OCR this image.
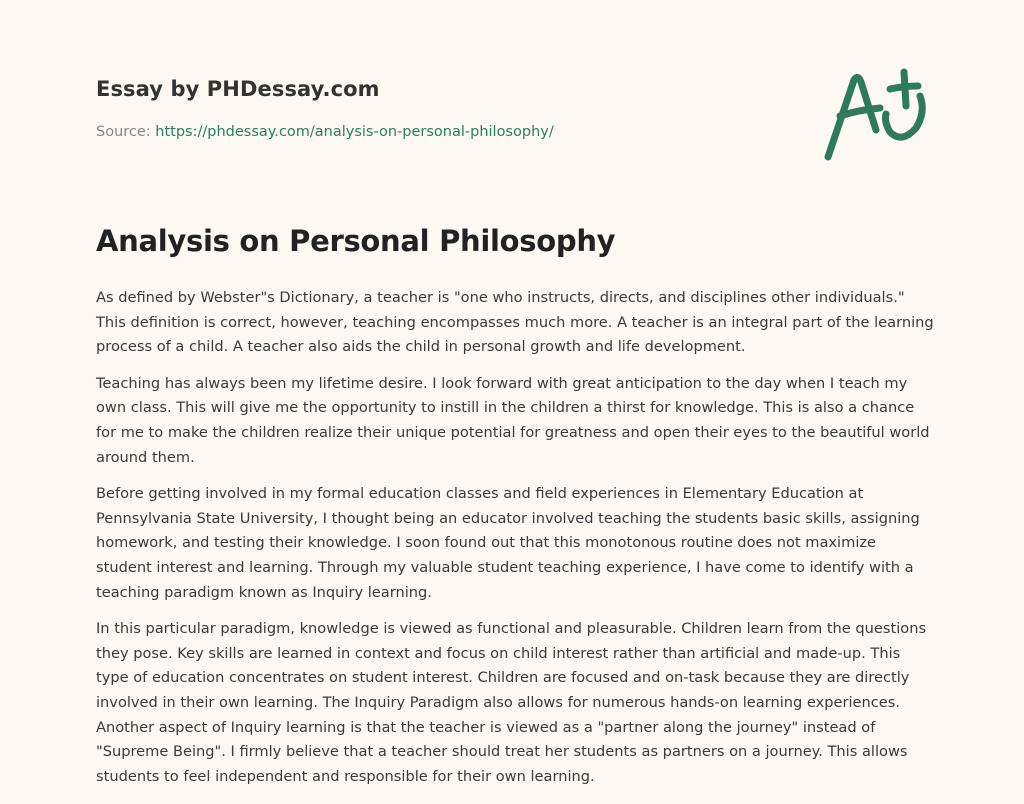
Essay by PHDessay.com
Source: https://phdessay.com/analysis-on-personal-philosophy/
Analysis on Personal Philosophy

As defined by Webster"s Dictionary, a teacher is "one who instructs, directs, and disciplines other individuals." This definition is correct, however, teaching encompasses much more. A teacher is an integral part of the learning process of a child. A teacher also aids the child in personal growth and life development.

Teaching has always been my lifetime desire. I look forward with great anticipation to the day when I teach my own class. This will give me the opportunity to instill in the children a thirst for knowledge. This is also a chance for me to make the children realize their unique potential for greatness and open their eyes to the beautiful world around them.

Before getting involved in my formal education classes and field experiences in Elementary Education at Pennsylvania State University, I thought being an educator involved teaching the students basic skills, assigning homework, and testing their knowledge. I soon found out that this monotonous routine does not maximize student interest and learning. Through my valuable student teaching experience, I have come to identify with a teaching paradigm known as Inquiry learning.

In this particular paradigm, knowledge is viewed as functional and pleasurable. Children learn from the questions they pose. Key skills are learned in context and focus on child interest rather than artificial and made-up. This type of education concentrates on student interest. Children are focused and on-task because they are directly involved in their own learning. The Inquiry Paradigm also allows for numerous hands-on learning experiences. Another aspect of Inquiry learning is that the teacher is viewed as a "partner along the journey" instead of "Supreme Being". I firmly believe that a teacher should treat her students as partners on a journey. This allows students to feel independent and responsible for their own learning.
